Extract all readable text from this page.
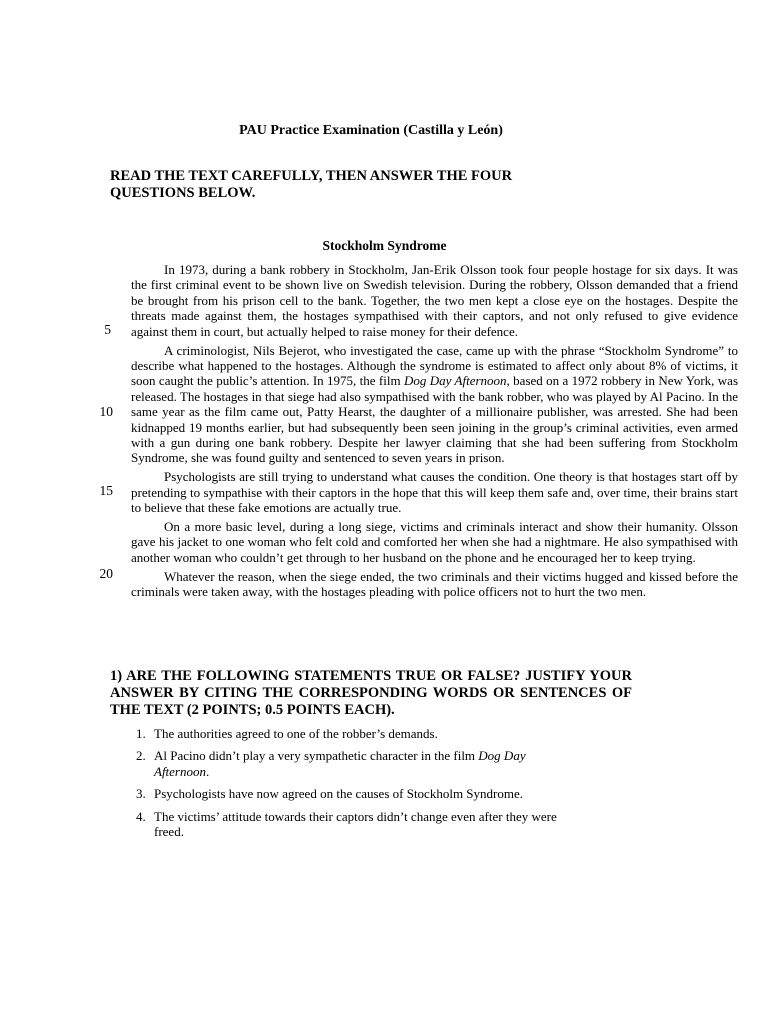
PAU Practice Examination (Castilla y León)
READ THE TEXT CAREFULLY, THEN ANSWER THE FOUR QUESTIONS BELOW.
Stockholm Syndrome

In 1973, during a bank robbery in Stockholm, Jan-Erik Olsson took four people hostage for six days. It was the first criminal event to be shown live on Swedish television. During the robbery, Olsson demanded that a friend be brought from his prison cell to the bank. Together, the two men kept a close eye on the hostages. Despite the threats made against them, the hostages sympathised with their captors, and not only refused to give evidence against them in court, but actually helped to raise money for their defence.

A criminologist, Nils Bejerot, who investigated the case, came up with the phrase “Stockholm Syndrome” to describe what happened to the hostages. Although the syndrome is estimated to affect only about 8% of victims, it soon caught the public’s attention. In 1975, the film Dog Day Afternoon, based on a 1972 robbery in New York, was released. The hostages in that siege had also sympathised with the bank robber, who was played by Al Pacino. In the same year as the film came out, Patty Hearst, the daughter of a millionaire publisher, was arrested. She had been kidnapped 19 months earlier, but had subsequently been seen joining in the group’s criminal activities, even armed with a gun during one bank robbery. Despite her lawyer claiming that she had been suffering from Stockholm Syndrome, she was found guilty and sentenced to seven years in prison.

Psychologists are still trying to understand what causes the condition. One theory is that hostages start off by pretending to sympathise with their captors in the hope that this will keep them safe and, over time, their brains start to believe that these fake emotions are actually true.

On a more basic level, during a long siege, victims and criminals interact and show their humanity. Olsson gave his jacket to one woman who felt cold and comforted her when she had a nightmare. He also sympathised with another woman who couldn’t get through to her husband on the phone and he encouraged her to keep trying.

Whatever the reason, when the siege ended, the two criminals and their victims hugged and kissed before the criminals were taken away, with the hostages pleading with police officers not to hurt the two men.

5
10
15
20
1) ARE THE FOLLOWING STATEMENTS TRUE OR FALSE? JUSTIFY YOUR ANSWER BY CITING THE CORRESPONDING WORDS OR SENTENCES OF THE TEXT (2 POINTS; 0.5 POINTS EACH).
1. The authorities agreed to one of the robber’s demands.
2. Al Pacino didn’t play a very sympathetic character in the film Dog Day Afternoon.
3. Psychologists have now agreed on the causes of Stockholm Syndrome.
4. The victims’ attitude towards their captors didn’t change even after they were freed.
